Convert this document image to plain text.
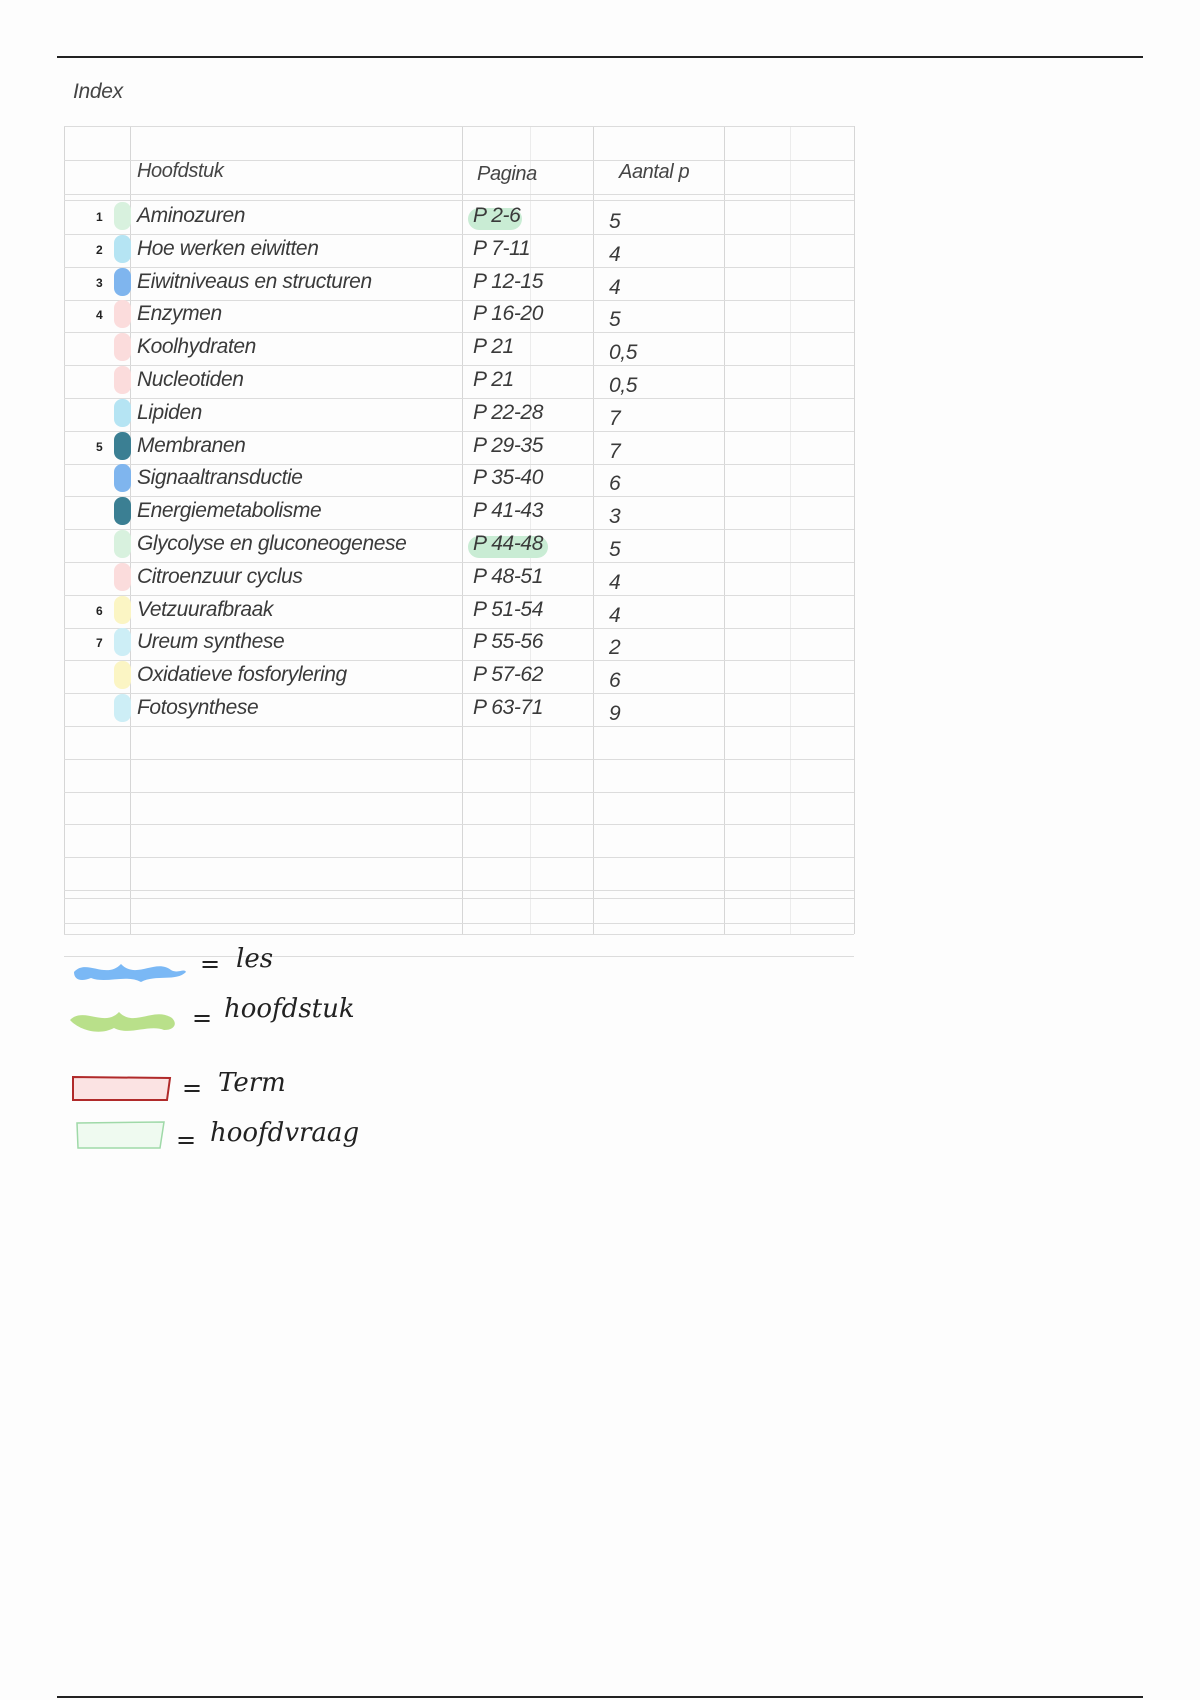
Index
Hoofdstuk	Pagina	Aantal p
1 Aminozuren	P 2-6	5
2 Hoe werken eiwitten	P 7-11	4
3 Eiwitniveaus en structuren	P 12-15	4
4 Enzymen	P 16-20	5
Koolhydraten	P 21	0,5
Nucleotiden	P 21	0,5
Lipiden	P 22-28	7
5 Membranen	P 29-35	7
Signaaltransductie	P 35-40	6
Energiemetabolisme	P 41-43	3
Glycolyse en gluconeogenese	P 44-48	5
Citroenzuur cyclus	P 48-51	4
6 Vetzuurafbraak	P 51-54	4
7 Ureum synthese	P 55-56	2
Oxidatieve fosforylering	P 57-62	6
Fotosynthese	P 63-71	9
= les
= hoofdstuk
= Term
= hoofdvraag
